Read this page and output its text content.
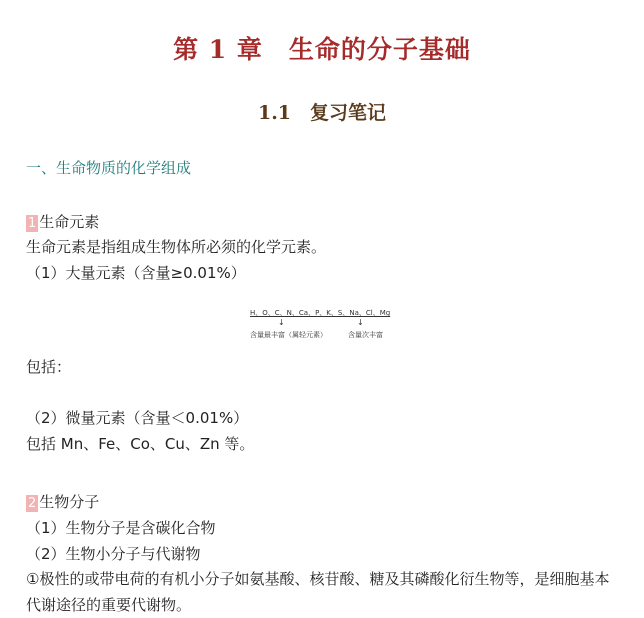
第 1 章　生命的分子基础
1.1　复习笔记
一、生命物质的化学组成
1 生命元素
生命元素是指组成生物体所必须的化学元素。
（1）大量元素（含量≥0.01%）
H、O、C、N、Ca、P、K、S、Na、Cl、Mg
↓	↓
含量最丰富（属轻元素）	含量次丰富
包括：
（2）微量元素（含量＜0.01%）
包括 Mn、Fe、Co、Cu、Zn 等。
2 生物分子
（1）生物分子是含碳化合物
（2）生物小分子与代谢物
①极性的或带电荷的有机小分子如氨基酸、核苷酸、糖及其磷酸化衍生物等，是细胞基本代谢途径的重要代谢物。
